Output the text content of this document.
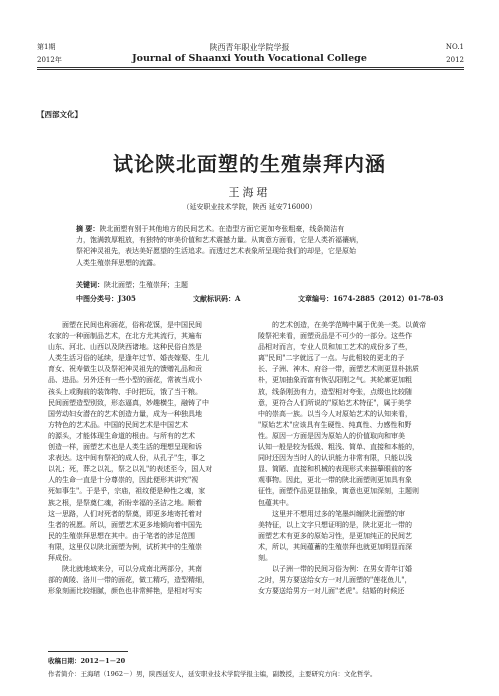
第1期
2012年
陕西青年职业学院学报
Journal of Shaanxi Youth Vocational College
NO.1
2012
【西部文化】
试论陕北面塑的生殖崇拜内涵
王海珺
（延安职业技术学院，陕西 延安716000）
摘 要：陕北面塑有别于其他地方的民间艺术。在造型方面它更加夸张粗豪，线条简洁有
力，饱满敦厚粗放，有独特的审美价值和艺术震撼力量。从寓意方面看，它是人类祈福禳病，
祭祀神灵祖先，表达美好愿望的生活追求。而透过艺术表象所呈现给我们的却是，它是原始
人类生殖崇拜思想的流露。
关键词：陕北面塑；生殖崇拜；主题
中图分类号：J305	文献标识码：A	文章编号：1674-2885（2012）01-78-03
面塑在民间也称面花，俗称花馍，是中国民间
农家的一种面制品艺术，在北方尤其流行，其遍布
山东、河北、山西以及陕西诸地。这种民俗自然是
人类生活习俗的延续，是逢年过节、婚丧嫁娶、生儿
育女、祝寿做生以及祭祀神灵祖先的馈赠礼品和贡
品、进品。另外还有一些小型的面花，常被当成小
孩头上或胸前的装饰物、手时把玩，饿了当干粮。
民间面塑造型别致，形态逼真，妙趣横生，融铸了中
国劳动妇女潜在的艺术创造力量，成为一种独具地
方特色的艺术品。中国的民间艺术是中国艺术
的源头，才能体现生命道的根由。与所有的艺术
创造一样，面塑艺术也是人类生活的理想呈现和诉
求表达。这中间有祭祀的成人份，从孔子"生，事之
以礼；死，葬之以礼，祭之以礼"的表述至今，国人对
人的生命一直是十分尊崇的，因此便形其讲究"视
死如事生"。于是乎，宗庙，祖纹便是种性之魂，家
族之根，是祭奠仁魂，祈盼幸福的圣洁之地。顺着
这一思路，人们对死者的祭奠，即更多地寄托着对
生者的祝愿。所以，面塑艺术更多地倾向着中国先
民的生殖崇拜思想在其中。由于笔者的涉足范围
有限，这里仅以陕北面塑为例，试析其中的生殖崇
拜成份。
陕北就地域来分，可以分成南北两部分，其南
部的黄陵、洛川一带的面花，做工精巧，造型精细，
形象刻画比较细腻，颜色也非常鲜艳，是相对写实
的艺术创造，在美学范畴中属于优美一类。以黄帝
陵祭祀来看，面塑贡品是不可少的一部分。这些作
品相对而言，专业人员和加工艺术的成份多了些，
离"民间"二字就远了一点。与此相较的更北的子
长、子洲、神木、府谷一带，面塑艺术则更显朴拙质
朴，更加抽象而富有恢弘阳刚之气。其轮廓更加粗
放，线条刚劲有力，造型相对夸张，点缀也比较随
意，更符合人们所说的"原始艺术特征"，属于美学
中的崇高一族。以当今人对原始艺术的认知来看，
"原始艺术"应该具有生硬性、纯真性、力感性和野
性。原因一方面是因为原始人的价值取向和审美
认知一般是较为低级、粗浅、简单、直接和本能的，
同时还因为当时人的认识能力非常有限，只能以浅
显、简陋、直接和机械的表现形式来描摹眼前的客
观事物。因此，更北一带的陕北面塑则更加具有象
征性，面塑作品更显抽象，寓意也更加深刻，主题则
包蕴其中。
这里并不想用过多的笔墨纠缠陕北面塑的审
美特征，以上文字只想证明的是，陕北更北一带的
面塑艺术有更多的原始习性，是更加纯正的民间艺
术，所以，其间蕴蓄的生殖崇拜也就更加明显而深
刻。
以子洲一带的民间习俗为例：在男女青年订婚
之时，男方要送给女方一对儿面塑的"莲花鱼儿"，
女方要送给男方一对儿面"老虎"。结婚的时候还
收稿日期：2012－1－20
作者简介：王海珺（1962－）男，陕西延安人，延安职业技术学院学报主编，副教授，主要研究方向：文化哲学。
